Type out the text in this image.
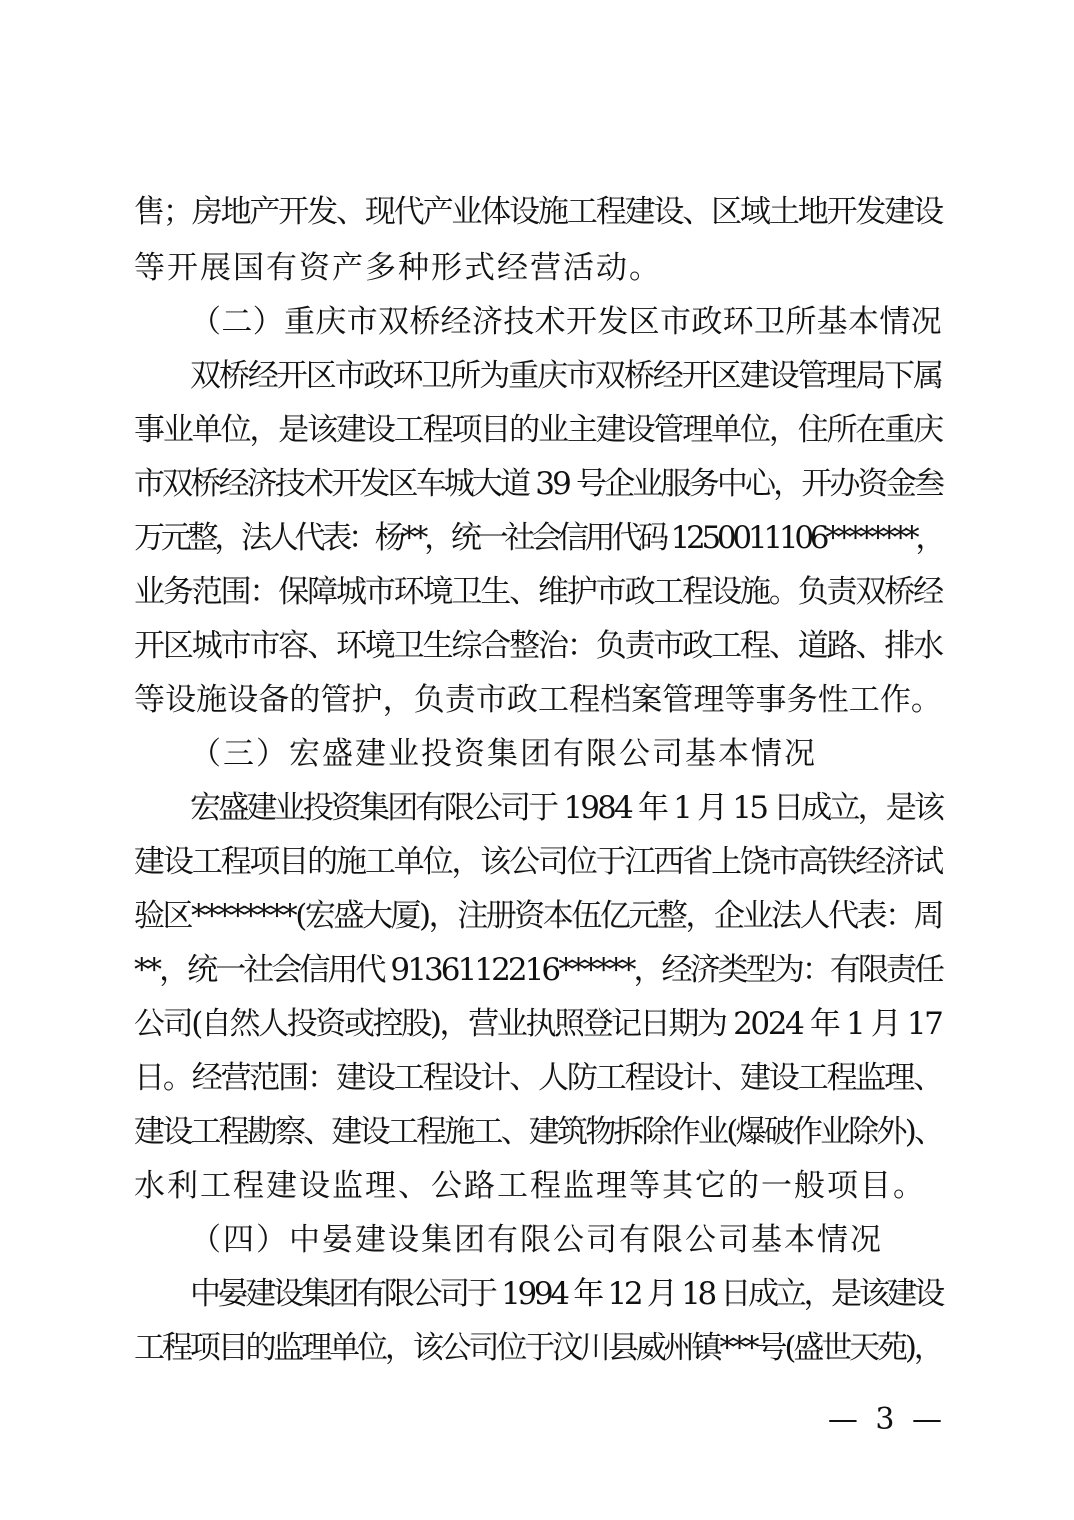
售；房地产开发、现代产业体设施工程建设、区域土地开发建设
等开展国有资产多种形式经营活动。
（二）重庆市双桥经济技术开发区市政环卫所基本情况
双桥经开区市政环卫所为重庆市双桥经开区建设管理局下属
事业单位，是该建设工程项目的业主建设管理单位，住所在重庆
市双桥经济技术开发区车城大道 39 号企业服务中心，开办资金叁
万元整，法人代表：杨**，统一社会信用代码 1250011106********，
业务范围：保障城市环境卫生、维护市政工程设施。负责双桥经
开区城市市容、环境卫生综合整治：负责市政工程、道路、排水
等设施设备的管护，负责市政工程档案管理等事务性工作。
（三）宏盛建业投资集团有限公司基本情况
宏盛建业投资集团有限公司于 1984 年 1 月 15 日成立，是该
建设工程项目的施工单位，该公司位于江西省上饶市高铁经济试
验区********(宏盛大厦)，注册资本伍亿元整，企业法人代表：周
**，统一社会信用代 9136112216******，经济类型为：有限责任
公司(自然人投资或控股)，营业执照登记日期为 2024 年 1 月 17
日。经营范围：建设工程设计、人防工程设计、建设工程监理、
建设工程勘察、建设工程施工、建筑物拆除作业(爆破作业除外)、
水利工程建设监理、公路工程监理等其它的一般项目。
（四）中晏建设集团有限公司有限公司基本情况
中晏建设集团有限公司于 1994 年 12 月 18 日成立，是该建设
工程项目的监理单位，该公司位于汶川县威州镇***号(盛世天苑)，
— 3 —
